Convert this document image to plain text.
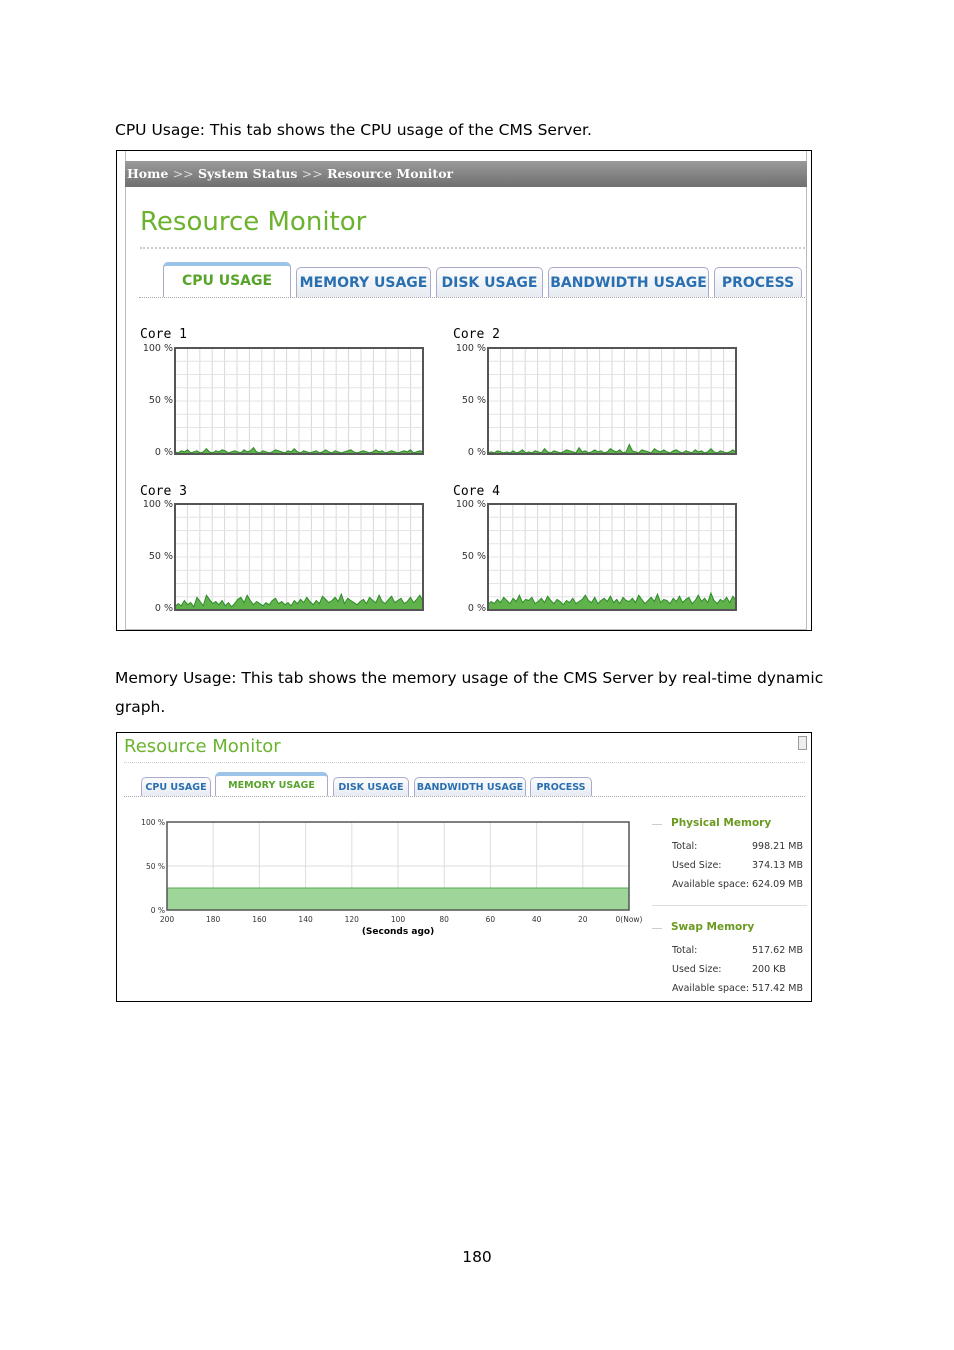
CPU Usage: This tab shows the CPU usage of the CMS Server.
Home >> System Status >> Resource Monitor
Resource Monitor
CPU USAGE	MEMORY USAGE	DISK USAGE BANDWIDTH USAGE	PROCESS
Core 1
100 %
50 %
0 %
Core 2
100 %
50 %
0 %
Core 3
100 %
50 %
0 %
Core 4
100 %
50 %
0 %
Memory Usage: This tab shows the memory usage of the CMS Server by real-time dynamic graph.
Resource Monitor
CPU USAGE	MEMORY USAGE	DISK USAGE	BANDWIDTH USAGE	PROCESS
100 %
50 %
0 %
200	180	160	140	120	100	80	60	40	20	0(Now)
(Seconds ago)
Physical Memory
Total:	998.21 MB
Used Size:	374.13 MB
Available space: 624.09 MB
Swap Memory
Total:	517.62 MB
Used Size:	200 KB
Available space: 517.42 MB
180
